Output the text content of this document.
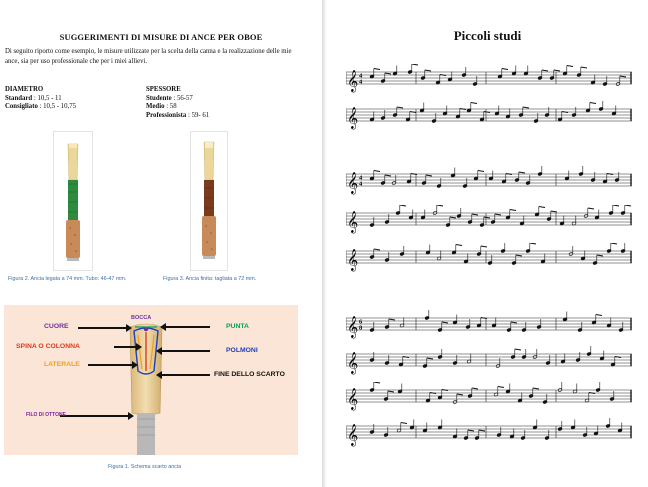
SUGGERIMENTI DI MISURE DI ANCE PER OBOE
Di seguito riporto come esempio, le misure utilizzate per la scelta della canna e la realizzazione delle mie ance, sia per uso professionale che per i miei allievi.
DIAMETRO
Standard : 10,5 - 11
Consigliato : 10,5 - 10,75
SPESSORE
Studente : 56-57
Medio : 58
Professionista : 59- 61
Figura 2. Ancia legata a 74 mm. Tubo: 46-47 mm.	Figura 3. Ancia finita: tagliata a 72 mm.
BOCCA
CUORE	PUNTA
SPINA O COLONNA
POLMONI
LATERALE
FINE DELLO SCARTO
FILO DI OTTONE
Figura 1. Schema scarto ancia
Piccoli studi
𝄞 4
4
𝄞
𝄞 4
4
𝄞
𝄞
𝄞 6
8
𝄞
𝄞
𝄞
